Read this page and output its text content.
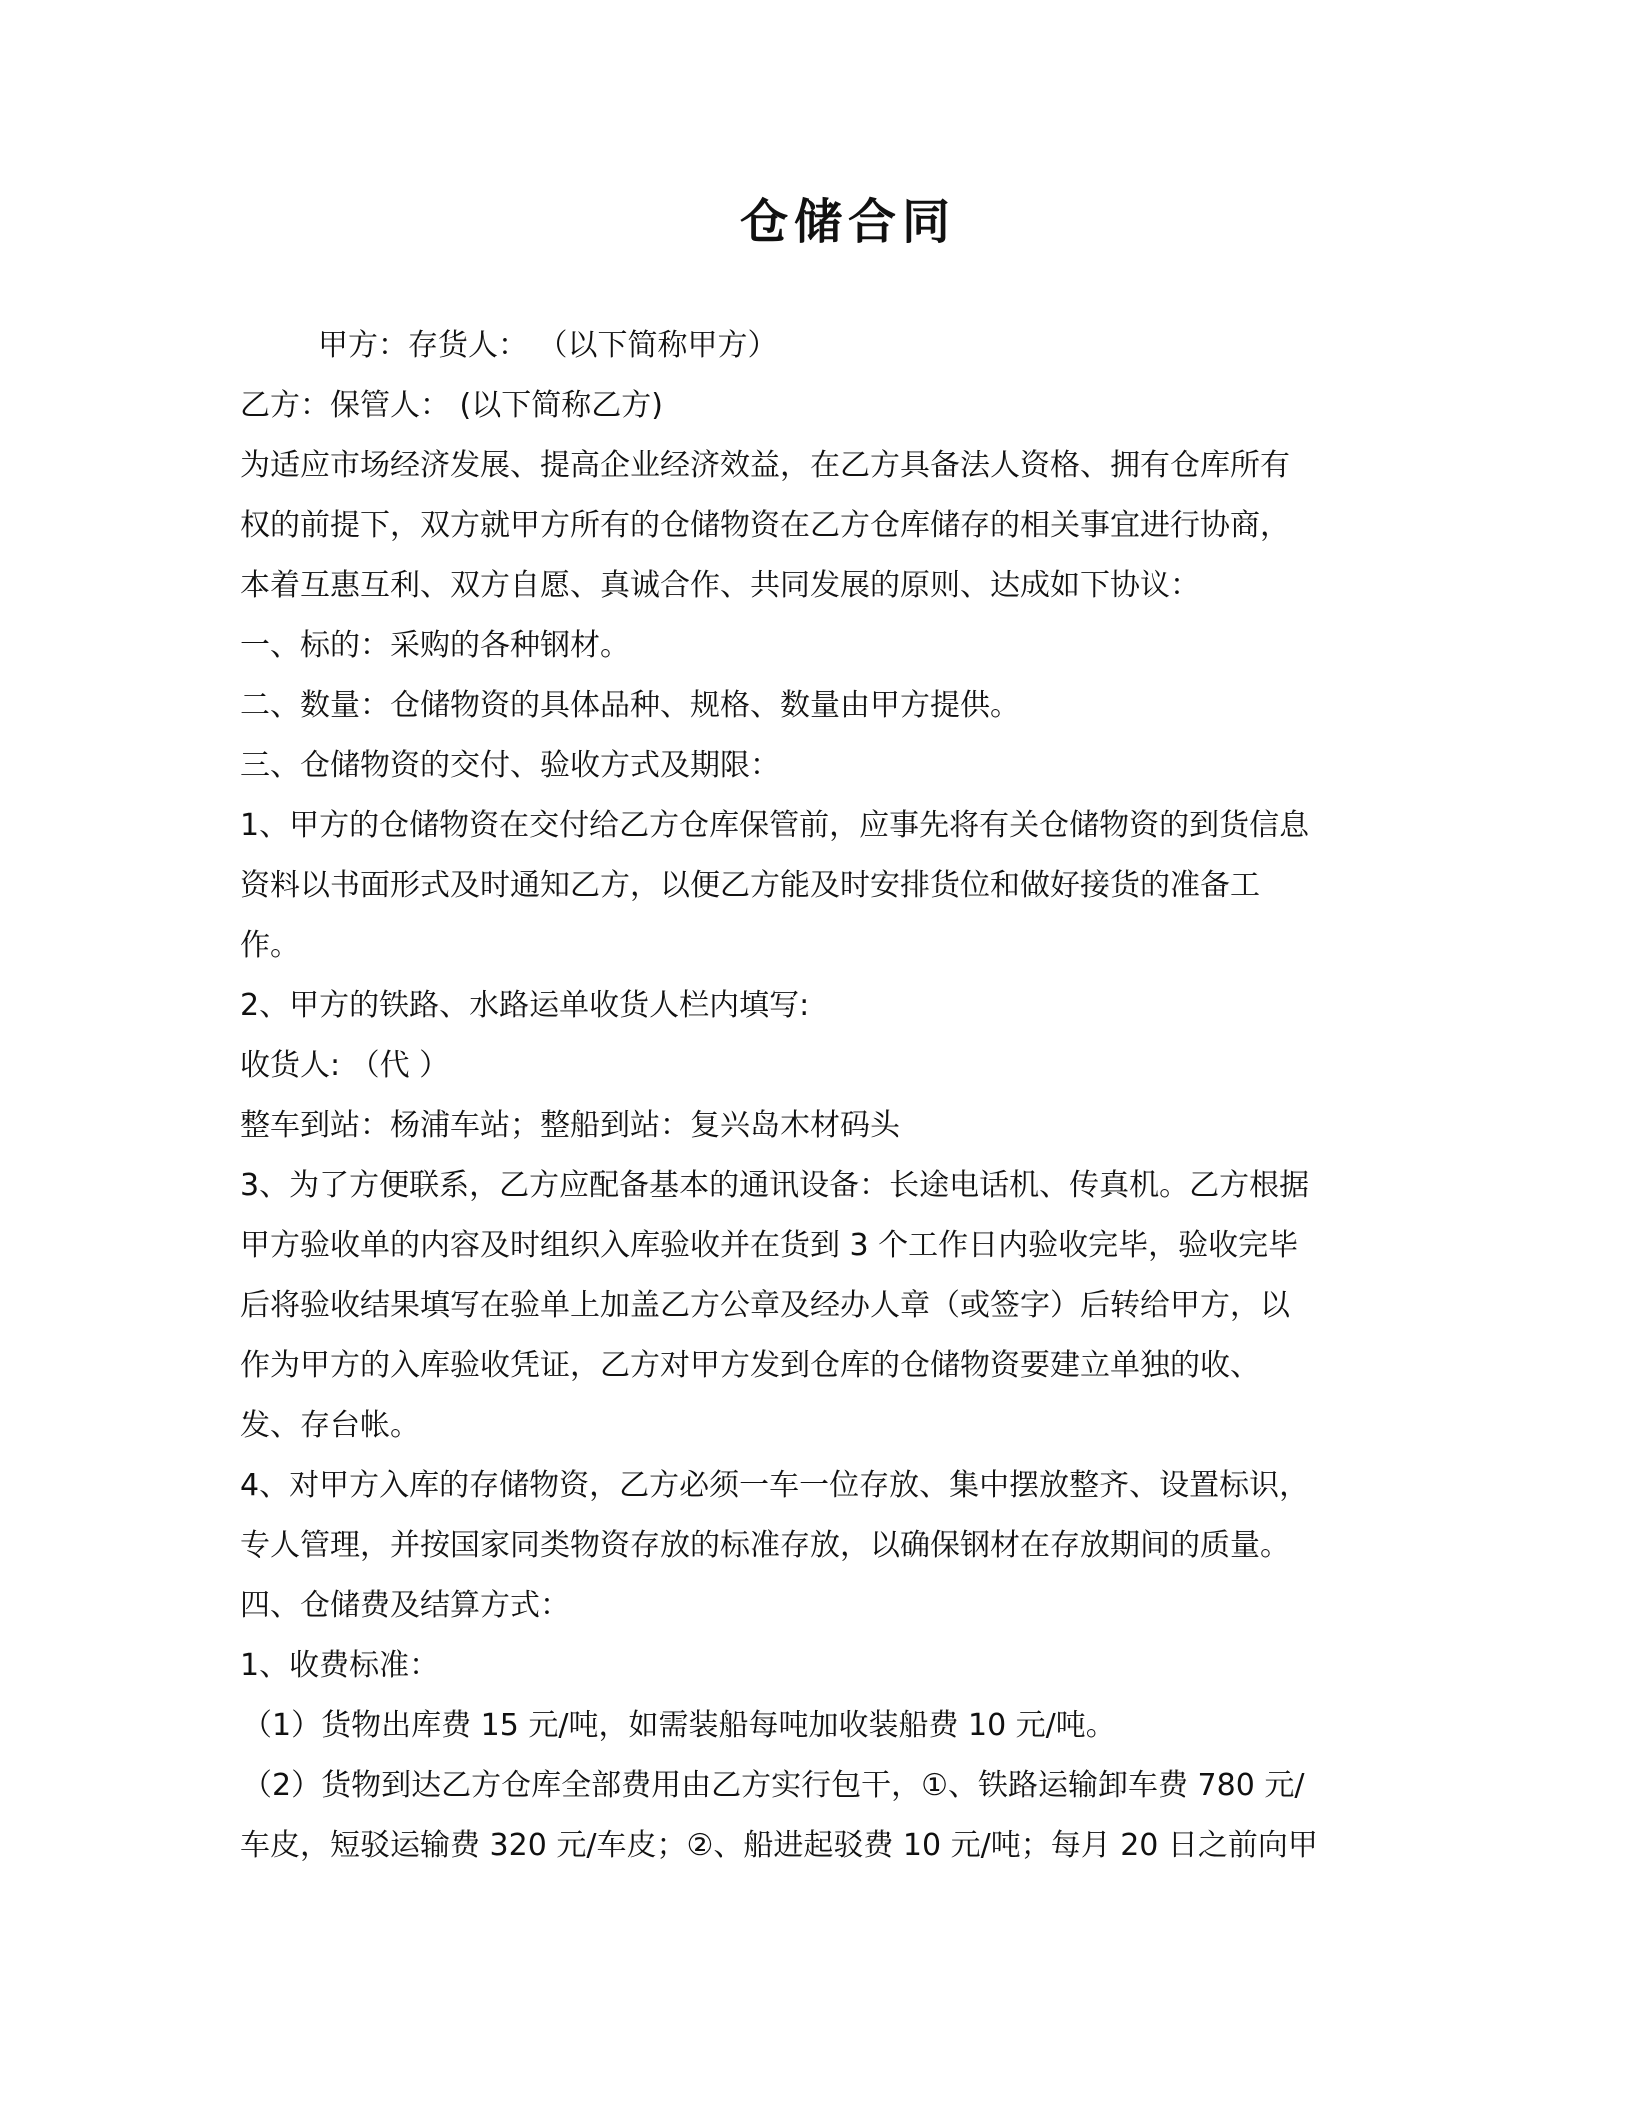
仓储合同
甲方：存货人： （以下简称甲方）
乙方：保管人： (以下简称乙方)
为适应市场经济发展、提高企业经济效益，在乙方具备法人资格、拥有仓库所有
权的前提下，双方就甲方所有的仓储物资在乙方仓库储存的相关事宜进行协商，
本着互惠互利、双方自愿、真诚合作、共同发展的原则、达成如下协议：
一、标的：采购的各种钢材。
二、数量：仓储物资的具体品种、规格、数量由甲方提供。
三、仓储物资的交付、验收方式及期限：
1、甲方的仓储物资在交付给乙方仓库保管前，应事先将有关仓储物资的到货信息
资料以书面形式及时通知乙方，以便乙方能及时安排货位和做好接货的准备工
作。
2、甲方的铁路、水路运单收货人栏内填写:
收货人: （代 ）
整车到站：杨浦车站；整船到站：复兴岛木材码头
3、为了方便联系，乙方应配备基本的通讯设备：长途电话机、传真机。乙方根据
甲方验收单的内容及时组织入库验收并在货到 3 个工作日内验收完毕，验收完毕
后将验收结果填写在验单上加盖乙方公章及经办人章（或签字）后转给甲方，以
作为甲方的入库验收凭证，乙方对甲方发到仓库的仓储物资要建立单独的收、
发、存台帐。
4、对甲方入库的存储物资，乙方必须一车一位存放、集中摆放整齐、设置标识，
专人管理，并按国家同类物资存放的标准存放，以确保钢材在存放期间的质量。
四、仓储费及结算方式：
1、收费标准：
（1）货物出库费 15 元/吨，如需装船每吨加收装船费 10 元/吨。
（2）货物到达乙方仓库全部费用由乙方实行包干，①、铁路运输卸车费 780 元/
车皮，短驳运输费 320 元/车皮；②、船进起驳费 10 元/吨；每月 20 日之前向甲
